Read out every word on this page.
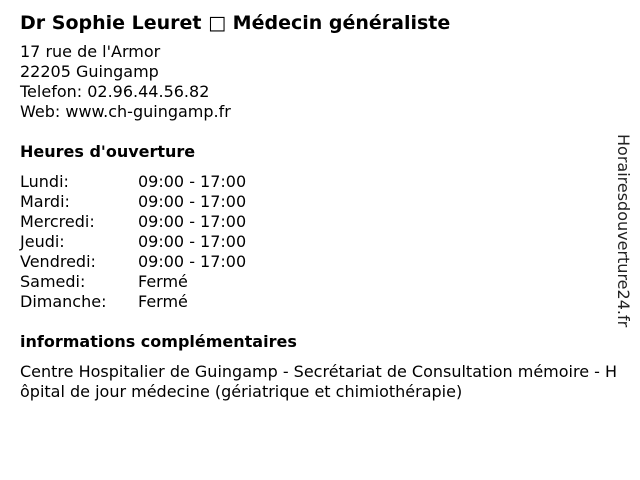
Dr Sophie Leuret □ Médecin généraliste
17 rue de l'Armor
22205 Guingamp
Telefon: 02.96.44.56.82
Web: www.ch-guingamp.fr
Heures d'ouverture
Lundi:	09:00 - 17:00
Mardi:	09:00 - 17:00
Mercredi:	09:00 - 17:00
Jeudi:	09:00 - 17:00
Vendredi:	09:00 - 17:00
Samedi:	Fermé
Dimanche:	Fermé
informations complémentaires
Centre Hospitalier de Guingamp - Secrétariat de Consultation mémoire - Hôpital de jour médecine (gériatrique et chimiothérapie)
Horairesdouverture24.fr
